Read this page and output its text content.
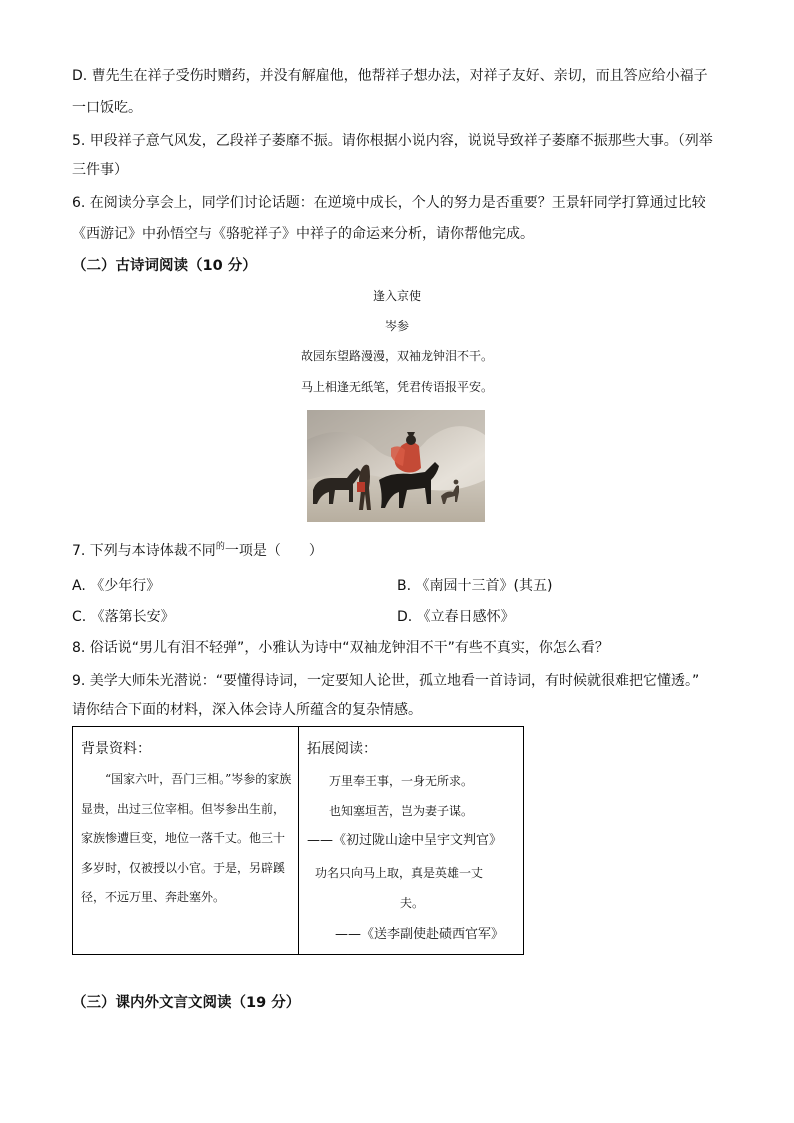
D. 曹先生在祥子受伤时赠药，并没有解雇他，他帮祥子想办法，对祥子友好、亲切，而且答应给小福子
一口饭吃。
5. 甲段祥子意气风发，乙段祥子萎靡不振。请你根据小说内容，说说导致祥子萎靡不振那些大事。（列举
三件事）
6. 在阅读分享会上，同学们讨论话题：在逆境中成长，个人的努力是否重要？王景轩同学打算通过比较
《西游记》中孙悟空与《骆驼祥子》中祥子的命运来分析，请你帮他完成。
（二）古诗词阅读（10 分）
逢入京使
岑参
故园东望路漫漫，双袖龙钟泪不干。
马上相逢无纸笔，凭君传语报平安。
7. 下列与本诗体裁不同$^的$一项是（　　）
A. 《少年行》	B. 《南园十三首》(其五)
C. 《落第长安》	D. 《立春日感怀》
8. 俗话说“男儿有泪不轻弹”，小雅认为诗中“双袖龙钟泪不干”有些不真实，你怎么看？
9. 美学大师朱光潜说：“要懂得诗词，一定要知人论世，孤立地看一首诗词，有时候就很难把它懂透。”
请你结合下面的材料，深入体会诗人所蕴含的复杂情感。
背景资料：
“国家六叶，吾门三相。”岑参的家族显贵，出过三位宰相。但岑参出生前，家族惨遭巨变，地位一落千丈。他三十多岁时，仅被授以小官。于是，另辟蹊径，不远万里、奔赴塞外。
拓展阅读：
万里奉王事，一身无所求。
也知塞垣苦，岂为妻子谋。
——《初过陇山途中呈宇文判官》
功名只向马上取，真是英雄一丈
夫。
——《送李副使赴碛西官军》
（三）课内外文言文阅读（19 分）
